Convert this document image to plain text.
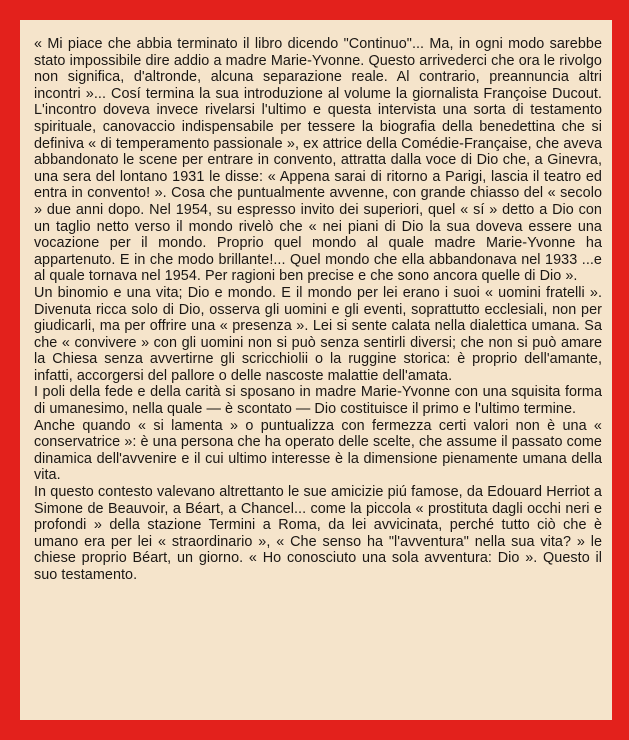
« Mi piace che abbia terminato il libro dicendo "Continuo"... Ma, in ogni modo sarebbe stato impossibile dire addio a madre Marie-Yvonne. Questo arrivederci che ora le rivolgo non significa, d'altronde, alcuna separazione reale. Al contrario, preannuncia altri incontri »... Cosí termina la sua introduzione al volume la giornalista Françoise Ducout. L'incontro doveva invece rivelarsi l'ultimo e questa intervista una sorta di testamento spirituale, canovaccio indispensabile per tessere la biografia della benedettina che si definiva « di temperamento passionale », ex attrice della Comédie-Française, che aveva abbandonato le scene per entrare in convento, attratta dalla voce di Dio che, a Ginevra, una sera del lontano 1931 le disse: « Appena sarai di ritorno a Parigi, lascia il teatro ed entra in convento! ». Cosa che puntualmente avvenne, con grande chiasso del « secolo » due anni dopo. Nel 1954, su espresso invito dei superiori, quel « sí » detto a Dio con un taglio netto verso il mondo rivelò che « nei piani di Dio la sua doveva essere una vocazione per il mondo. Proprio quel mondo al quale madre Marie-Yvonne ha appartenuto. E in che modo brillante!... Quel mondo che ella abbandonava nel 1933 ...e al quale tornava nel 1954. Per ragioni ben precise e che sono ancora quelle di Dio ».

Un binomio e una vita; Dio e mondo. E il mondo per lei erano i suoi « uomini fratelli ». Divenuta ricca solo di Dio, osserva gli uomini e gli eventi, soprattutto ecclesiali, non per giudicarli, ma per offrire una « presenza ». Lei si sente calata nella dialettica umana. Sa che « convivere » con gli uomini non si può senza sentirli diversi; che non si può amare la Chiesa senza avvertirne gli scricchiolii o la ruggine storica: è proprio dell'amante, infatti, accorgersi del pallore o delle nascoste malattie dell'amata.

I poli della fede e della carità si sposano in madre Marie-Yvonne con una squisita forma di umanesimo, nella quale — è scontato — Dio costituisce il primo e l'ultimo termine.

Anche quando « si lamenta » o puntualizza con fermezza certi valori non è una « conservatrice »: è una persona che ha operato delle scelte, che assume il passato come dinamica dell'avvenire e il cui ultimo interesse è la dimensione pienamente umana della vita.

In questo contesto valevano altrettanto le sue amicizie piú famose, da Edouard Herriot a Simone de Beauvoir, a Béart, a Chancel... come la piccola « prostituta dagli occhi neri e profondi » della stazione Termini a Roma, da lei avvicinata, perché tutto ciò che è umano era per lei « straordinario », « Che senso ha "l'avventura" nella sua vita? » le chiese proprio Béart, un giorno. « Ho conosciuto una sola avventura: Dio ». Questo il suo testamento.
